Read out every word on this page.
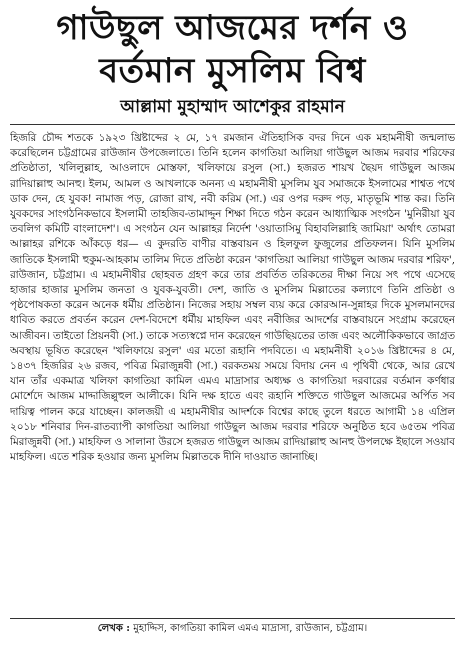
গাউছুল আজমের দর্শন ও
বর্তমান মুসলিম বিশ্ব
আল্লামা মুহাম্মাদ আশেকুর রাহমান

হিজরি চৌদ্দ শতকে ১৯২৩ খ্রিষ্টাব্দের ২ মে, ১৭ রমজান ঐতিহাসিক বদর দিনে এক মহামনীষী জন্মলাভ করেছিলেন চট্টগ্রামের রাউজান উপজেলাতে। তিনি হলেন কাগতিয়া আলিয়া গাউছুল আজম দরবার শরিফের প্রতিষ্ঠাতা, খলিলুল্লাহ, আওলাদে মোস্তফা, খলিফায়ে রসুল (সা.) হজরত শায়খ ছৈয়দ গাউছুল আজম রাদিয়াল্লাহু আনহু। ইলম, আমল ও আখলাকে অনন্য এ মহামনীষী মুসলিম যুব সমাজকে ইসলামের শাশ্বত পথে ডাক দেন, হে যুবক! নামাজ পড়, রোজা রাখ, নবী করিম (সা.) এর ওপর দরুদ পড়, মাতৃভূমি শান্ত কর। তিনি যুবকদের সাংগঠনিকভাবে ইসলামী তাহজিব-তামাদ্দুন শিক্ষা দিতে গঠন করেন আধ্যাত্মিক সংগঠন 'মুনিরীয়া যুব তবলিগ কমিটি বাংলাদেশ'। এ সংগঠন যেন আল্লাহর নির্দেশ 'ওয়াতাসিমু বিহাবলিল্লাহি জামিয়া' অর্থাৎ তোমরা আল্লাহর রশিকে আঁকড়ে ধর— এ কুদরতি বাণীর বাস্তবায়ন ও হিলফুল ফুজুলের প্রতিফলন। যিনি মুসলিম জাতিকে ইসলামী হুকুম-আহকাম তালিম দিতে প্রতিষ্ঠা করেন 'কাগতিয়া আলিয়া গাউছুল আজম দরবার শরিফ', রাউজান, চট্টগ্রাম। এ মহামনীষীর ছোহবত গ্রহণ করে তার প্রবর্তিত তরিকতের দীক্ষা নিয়ে সৎ পথে এসেছে হাজার হাজার মুসলিম জনতা ও যুবক-যুবতী। দেশ, জাতি ও মুসলিম মিল্লাতের কল্যাণে তিনি প্রতিষ্ঠা ও পৃষ্ঠপোষকতা করেন অনেক ধর্মীয় প্রতিষ্ঠান। নিজের সহায় সম্বল ব্যয় করে কোরআন-সুন্নাহর দিকে মুসলমানদের ধাবিত করতে প্রবর্তন করেন দেশ-বিদেশে ধর্মীয় মাহফিল এবং নবীজির আদর্শের বাস্তবায়নে সংগ্রাম করেছেন আজীবন। তাইতো প্রিয়নবী (সা.) তাকে সত্যস্বপ্নে দান করেছেন গাউছিয়তের তাজ এবং অলৌকিকভাবে জাগ্রত অবস্থায় ভূষিত করেছেন 'খলিফায়ে রসুল' এর মতো রূহানি পদবিতে। এ মহামনীষী ২০১৬ খ্রিষ্টাব্দের ৪ মে, ১৪৩৭ হিজরির ২৬ রজব, পবিত্র মিরাজুন্নবী (সা.) বরকতময় সময়ে বিদায় নেন এ পৃথিবী থেকে, আর রেখে যান তাঁর একমাত্র খলিফা কাগতিয়া কামিল এমএ মাদ্রাসার অধ্যক্ষ ও কাগতিয়া দরবারের বর্তমান কর্ণধার মোর্শেদে আজম মাদ্দাজিল্লুহুল আলীকে। যিনি দক্ষ হাতে এবং রূহানি শক্তিতে গাউছুল আজমের অর্পিত সব দায়িত্ব পালন করে যাচ্ছেন। কালজয়ী এ মহামনীষীর আদর্শকে বিশ্বের কাছে তুলে ধরতে আগামী ১৪ এপ্রিল ২০১৮ শনিবার দিন-রাতব্যাপী কাগতিয়া আলিয়া গাউছুল আজম দরবার শরিফে অনুষ্ঠিত হবে ৬৫তম পবিত্র মিরাজুন্নবী (সা.) মাহফিল ও সালানা উরসে হজরত গাউছুল আজম রাদিয়াল্লাহু আনহু উপলক্ষে ইছালে সওয়াব মাহফিল। এতে শরিক হওয়ার জন্য মুসলিম মিল্লাতকে দীনি দাওয়াত জানাচ্ছি।

লেখক : মুহাদ্দিস, কাগতিয়া কামিল এমএ মাদ্রাসা, রাউজান, চট্টগ্রাম।
